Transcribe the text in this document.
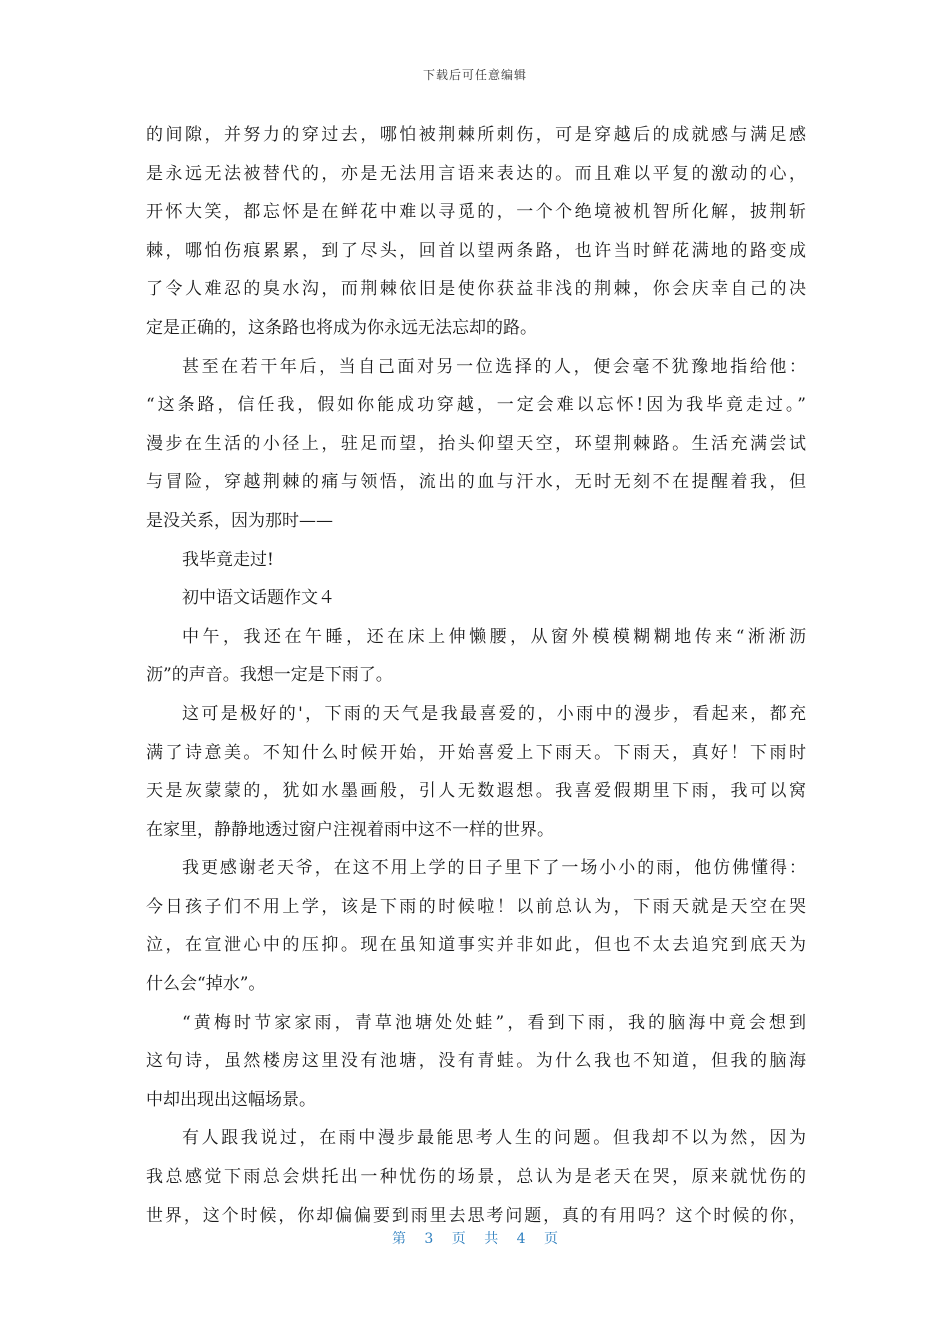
下载后可任意编辑
的间隙，并努力的穿过去，哪怕被荆棘所刺伤，可是穿越后的成就感与满足感
是永远无法被替代的，亦是无法用言语来表达的。而且难以平复的激动的心，
开怀大笑，都忘怀是在鲜花中难以寻觅的，一个个绝境被机智所化解，披荆斩
棘，哪怕伤痕累累，到了尽头，回首以望两条路，也许当时鲜花满地的路变成
了令人难忍的臭水沟，而荆棘依旧是使你获益非浅的荆棘，你会庆幸自己的决
定是正确的，这条路也将成为你永远无法忘却的路。
甚至在若干年后，当自己面对另一位选择的人，便会毫不犹豫地指给他：
“这条路，信任我，假如你能成功穿越，一定会难以忘怀!因为我毕竟走过。”
漫步在生活的小径上，驻足而望，抬头仰望天空，环望荆棘路。生活充满尝试
与冒险，穿越荆棘的痛与领悟，流出的血与汗水，无时无刻不在提醒着我，但
是没关系，因为那时——
我毕竟走过!
初中语文话题作文４
中午，我还在午睡，还在床上伸懒腰，从窗外模模糊糊地传来“淅淅沥
沥”的声音。我想一定是下雨了。
这可是极好的'，下雨的天气是我最喜爱的，小雨中的漫步，看起来，都充
满了诗意美。不知什么时候开始，开始喜爱上下雨天。下雨天，真好！下雨时
天是灰蒙蒙的，犹如水墨画般，引人无数遐想。我喜爱假期里下雨，我可以窝
在家里，静静地透过窗户注视着雨中这不一样的世界。
我更感谢老天爷，在这不用上学的日子里下了一场小小的雨，他仿佛懂得：
今日孩子们不用上学，该是下雨的时候啦！以前总认为，下雨天就是天空在哭
泣，在宣泄心中的压抑。现在虽知道事实并非如此，但也不太去追究到底天为
什么会“掉水”。
“黄梅时节家家雨，青草池塘处处蛙”，看到下雨，我的脑海中竟会想到
这句诗，虽然楼房这里没有池塘，没有青蛙。为什么我也不知道，但我的脑海
中却出现出这幅场景。
有人跟我说过，在雨中漫步最能思考人生的问题。但我却不以为然，因为
我总感觉下雨总会烘托出一种忧伤的场景，总认为是老天在哭，原来就忧伤的
世界，这个时候，你却偏偏要到雨里去思考问题，真的有用吗？这个时候的你，
第 3 页 共 4 页
